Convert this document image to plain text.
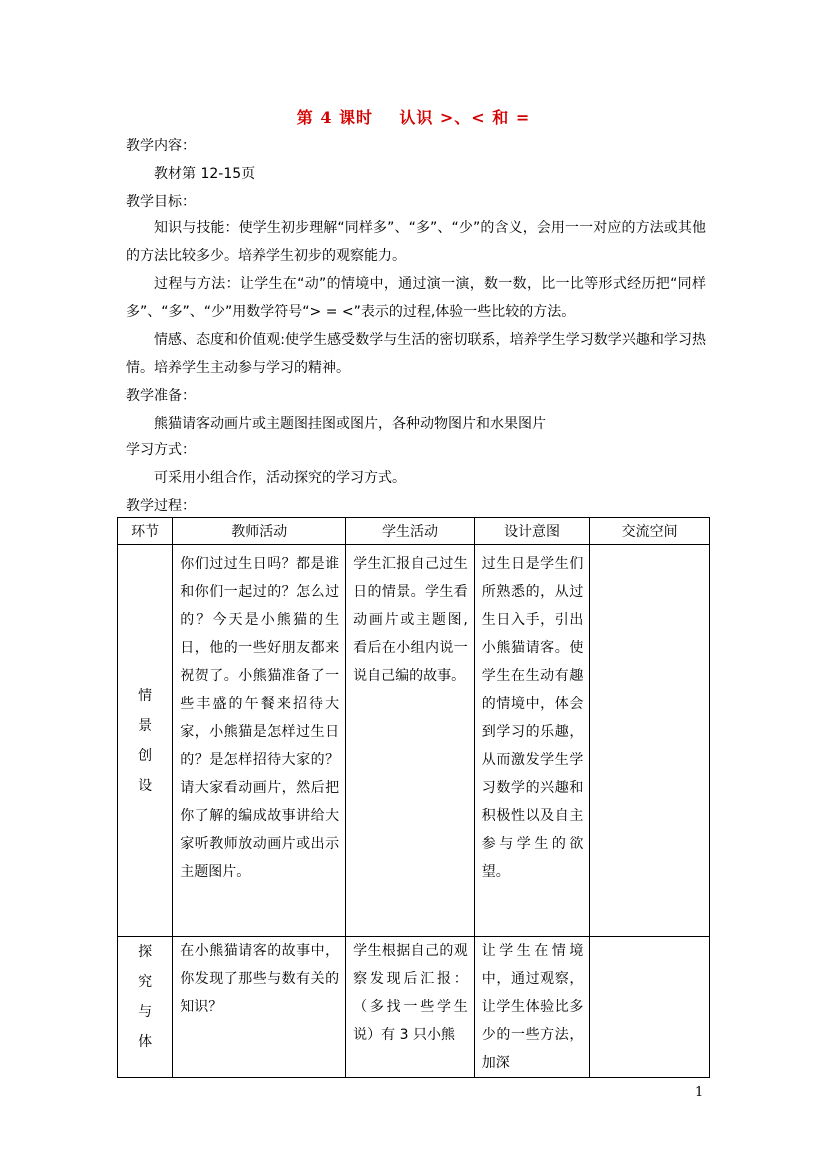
第 4 课时 认识 >、< 和 =
教学内容：
教材第 12-15页
教学目标：
知识与技能：使学生初步理解“同样多”、“多”、“少”的含义，会用一一对应的方法或其他的方法比较多少。培养学生初步的观察能力。
过程与方法：让学生在“动”的情境中，通过演一演，数一数，比一比等形式经历把“同样多”、“多”、“少”用数学符号“> = <”表示的过程,体验一些比较的方法。
情感、态度和价值观:使学生感受数学与生活的密切联系，培养学生学习数学兴趣和学习热情。培养学生主动参与学习的精神。
教学准备：
熊猫请客动画片或主题图挂图或图片，各种动物图片和水果图片
学习方式：
可采用小组合作，活动探究的学习方式。
教学过程：
环节	教师活动	学生活动	设计意图	交流空间

情景创设	你们过过生日吗？都是谁和你们一起过的？怎么过的？今天是小熊猫的生日，他的一些好朋友都来祝贺了。小熊猫准备了一些丰盛的午餐来招待大家，小熊猫是怎样过生日的？是怎样招待大家的？请大家看动画片，然后把你了解的编成故事讲给大家听教师放动画片或出示主题图片。	学生汇报自己过生日的情景。学生看动画片或主题图,看后在小组内说一说自己编的故事。	过生日是学生们所熟悉的，从过生日入手，引出小熊猫请客。使学生在生动有趣的情境中，体会到学习的乐趣，从而激发学生学习数学的兴趣和积极性以及自主参与学生的欲望。	

探究与体	在小熊猫请客的故事中，你发现了那些与数有关的知识？	学生根据自己的观察发现后汇报：（多找一些学生说）有 3 只小熊	让学生在情境中，通过观察，让学生体验比多少的一些方法，加深	

1
